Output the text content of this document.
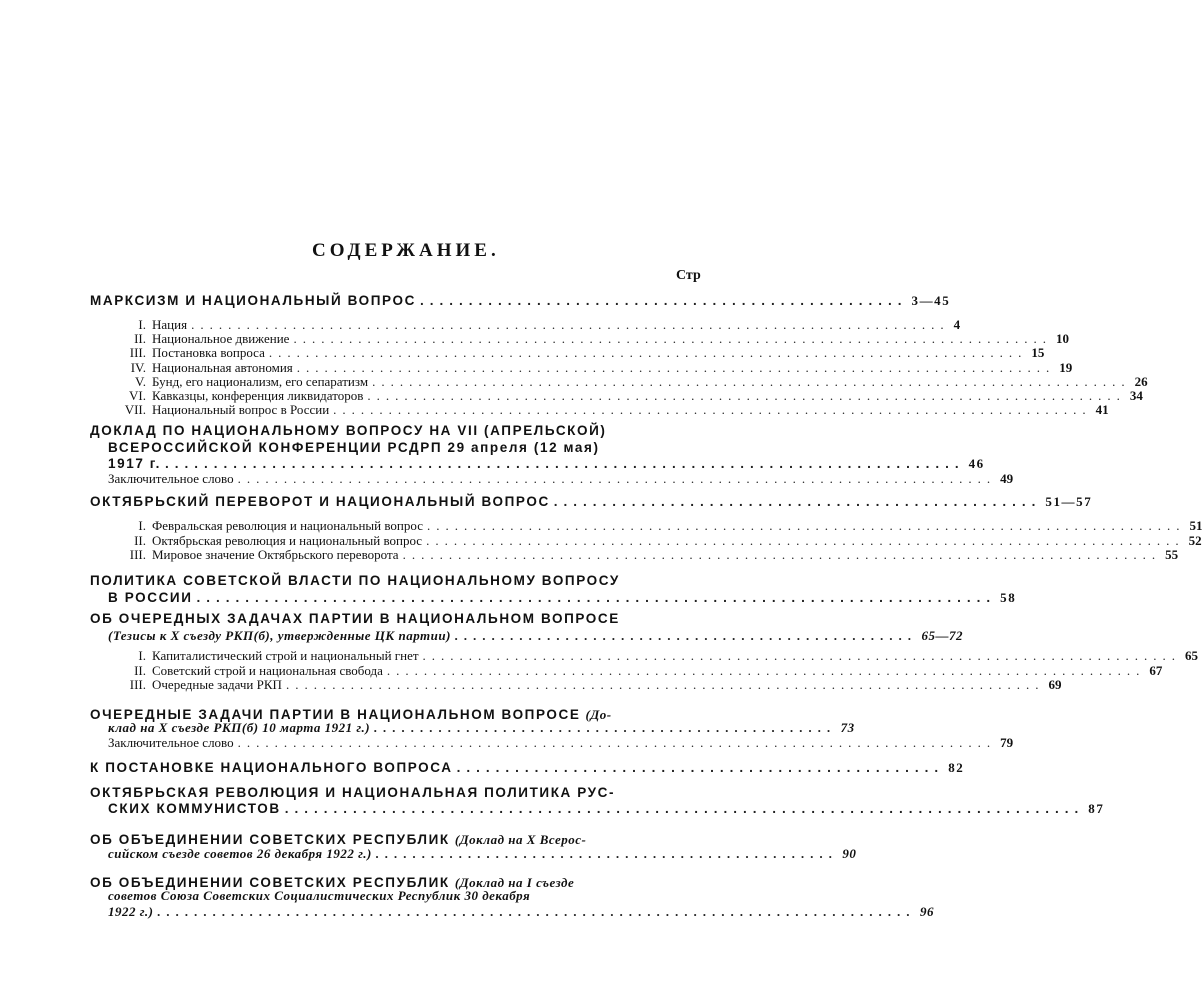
СОДЕРЖАНИЕ.
Стр
МАРКСИЗМ И НАЦИОНАЛЬНЫЙ ВОПРОС .................................................. 3—45
I. Нация .................................................................................. 4
II. Национальное движение .................................................................................. 10
III. Постановка вопроса .................................................................................. 15
IV. Национальная автономия .................................................................................. 19
V. Бунд, его национализм, его сепаратизм .................................................................................. 26
VI. Кавказцы, конференция ликвидаторов .................................................................................. 34
VII. Национальный вопрос в России .................................................................................. 41
ДОКЛАД ПО НАЦИОНАЛЬНОМУ ВОПРОСУ НА VII (АПРЕЛЬСКОЙ)
ВСЕРОССИЙСКОЙ КОНФЕРЕНЦИИ РСДРП 29 апреля (12 мая)
1917 г. .................................................................................. 46
Заключительное слово .................................................................................. 49
ОКТЯБРЬСКИЙ ПЕРЕВОРОТ И НАЦИОНАЛЬНЫЙ ВОПРОС .................................................. 51—57
I. Февральская революция и национальный вопрос .................................................................................. 51
II. Октябрьская революция и национальный вопрос .................................................................................. 52
III. Мировое значение Октябрьского переворота .................................................................................. 55
ПОЛИТИКА СОВЕТСКОЙ ВЛАСТИ ПО НАЦИОНАЛЬНОМУ ВОПРОСУ
В РОССИИ .................................................................................. 58
ОБ ОЧЕРЕДНЫХ ЗАДАЧАХ ПАРТИИ В НАЦИОНАЛЬНОМ ВОПРОСЕ
(Тезисы к X съезду РКП(б), утвержденные ЦК партии) .................................................. 65—72
I. Капиталистический строй и национальный гнет .................................................................................. 65
II. Советский строй и национальная свобода .................................................................................. 67
III. Очередные задачи РКП .................................................................................. 69
ОЧЕРЕДНЫЕ ЗАДАЧИ ПАРТИИ В НАЦИОНАЛЬНОМ ВОПРОСЕ (До-
клад на X съезде РКП(б) 10 марта 1921 г.) .................................................. 73
Заключительное слово .................................................................................. 79
К ПОСТАНОВКЕ НАЦИОНАЛЬНОГО ВОПРОСА .................................................. 82
ОКТЯБРЬСКАЯ РЕВОЛЮЦИЯ И НАЦИОНАЛЬНАЯ ПОЛИТИКА РУС-
СКИХ КОММУНИСТОВ .................................................................................. 87
ОБ ОБЪЕДИНЕНИИ СОВЕТСКИХ РЕСПУБЛИК (Доклад на X Всерос-
сийском съезде советов 26 декабря 1922 г.) .................................................. 90
ОБ ОБЪЕДИНЕНИИ СОВЕТСКИХ РЕСПУБЛИК (Доклад на I съезде
советов Союза Советских Социалистических Республик 30 декабря
1922 г.) .................................................................................. 96
